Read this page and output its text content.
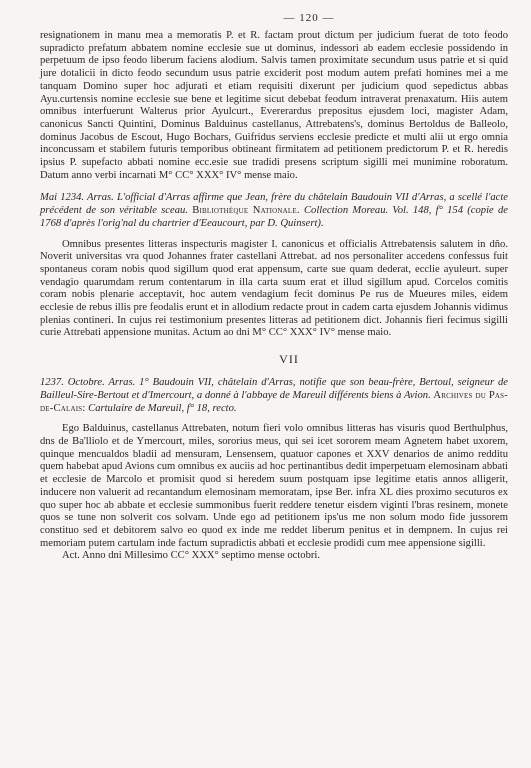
— 120 —

resignationem in manu mea a memoratis P. et R. factam prout dictum per judicium fuerat de toto feodo supradicto prefatum abbatem nomine ecclesie sue ut dominus, indessori ab eadem ecclesie possidendo in perpetuum de ipso feodo liberum faciens alodium. Salvis tamen proximitate secundum usus patrie et si quid jure dotalicii in dicto feodo secundum usus patrie exciderit post modum autem prefati homines mei a me tanquam Domino super hoc adjurati et etiam requisiti dixerunt per judicium quod sepedictus abbas Ayu.curtensis nomine ecclesie sue bene et legitime sicut debebat feodum intraverat prenaxatum. Hiis autem omnibus interfuerunt Walterus prior Ayulcurt., Evererardus prepositus ejusdem loci, magister Adam, canonicus Sancti Quintini, Dominus Balduinus castellanus, Attrebatens's, dominus Bertoldus de Balleolo, dominus Jacobus de Escout, Hugo Bochars, Guifridus serviens ecclesie predicte et multi alii ut ergo omnia inconcussam et stabilem futuris temporibus obtineant firmitatem ad petitionem predictorum P. et R. heredis ipsius P. supefacto abbati nomine ecc.esie sue tradidi presens scriptum sigilli mei munimine roboratum. Datum anno verbi incarnati M° CC° XXX° IV° mense maio.

Mai 1234. Arras. L'official d'Arras affirme que Jean, frère du châtelain Baudouin VII d'Arras, a scellé l'acte précédent de son véritable sceau. Bibliothèque Nationale. Collection Moreau. Vol. 148, f° 154 (copie de 1768 d'après l'orig'nal du chartrier d'Eeaucourt, par D. Quinsert).

Omnibus presentes litteras inspecturis magister I. canonicus et officialis Attrebatensis salutem in dño. Noverit universitas vra quod Johannes frater castellani Attrebat. ad nos personaliter accedens confessus fuit spontaneus coram nobis quod sigillum quod erat appensum, carte sue quam dederat, ecclie ayuleurt. super vendagio quarumdam rerum contentarum in illa carta suum erat et illud sigillum apud. Corcelos comitis coram nobis plenarie acceptavit, hoc autem vendagium fecit dominus Pe rus de Mueures miles, eidem ecclesie de rebus illis pre feodalis erunt et in allodium redacte prout in cadem carta ejusdem Johannis vidimus plenias contineri. In cujus rei testimonium presentes litteras ad petitionem dict. Johannis fieri fecimus sigilli curie Attrebati appensione munitas. Actum ao dni M° CC° XXX° IV° mense maio.

VII

1237. Octobre. Arras. 1° Baudouin VII, châtelain d'Arras, notifie que son beau-frère, Bertoul, seigneur de Bailleul-Sire-Bertout et d'Imercourt, a donné à l'abbaye de Mareuil différents biens à Avion. Archives du Pas-de-Calais: Cartulaire de Mareuil, f° 18, recto.

Ego Balduinus, castellanus Attrebaten, notum fieri volo omnibus litteras has visuris quod Berthulphus, dns de Ba'lliolo et de Ymercourt, miles, sororius meus, qui sei icet sororem meam Agnetem habet uxorem, quinque mencualdos bladii ad mensuram, Lensensem, quatuor capones et XXV denarios de animo redditu quem habebat apud Avions cum omnibus ex auciis ad hoc pertinantibus dedit imperpetuam elemosinam abbati et ecclesie de Marcolo et promisit quod si heredem suum postquam ipse legitime etatis annos alligerit, inducere non valuerit ad recantandum elemosinam memoratam, ipse Ber. infra XL dies proximo secuturos ex quo super hoc ab abbate et ecclesie summonibus fuerit reddere tenetur eisdem viginti l'bras resinem, monete quos se tune non solverit cos solvam. Unde ego ad petitionem ips'us me non solum modo fide jussorem constituo sed et debitorem salvo eo quod ex inde me reddet liberum penitus et in dempnem. In cujus rei memoriam putem cartulam inde factum supradictis abbati et ecclesie prodidi cum mee appensione sigilli.

Act. Anno dni Millesimo CC° XXX° septimo mense octobri.
